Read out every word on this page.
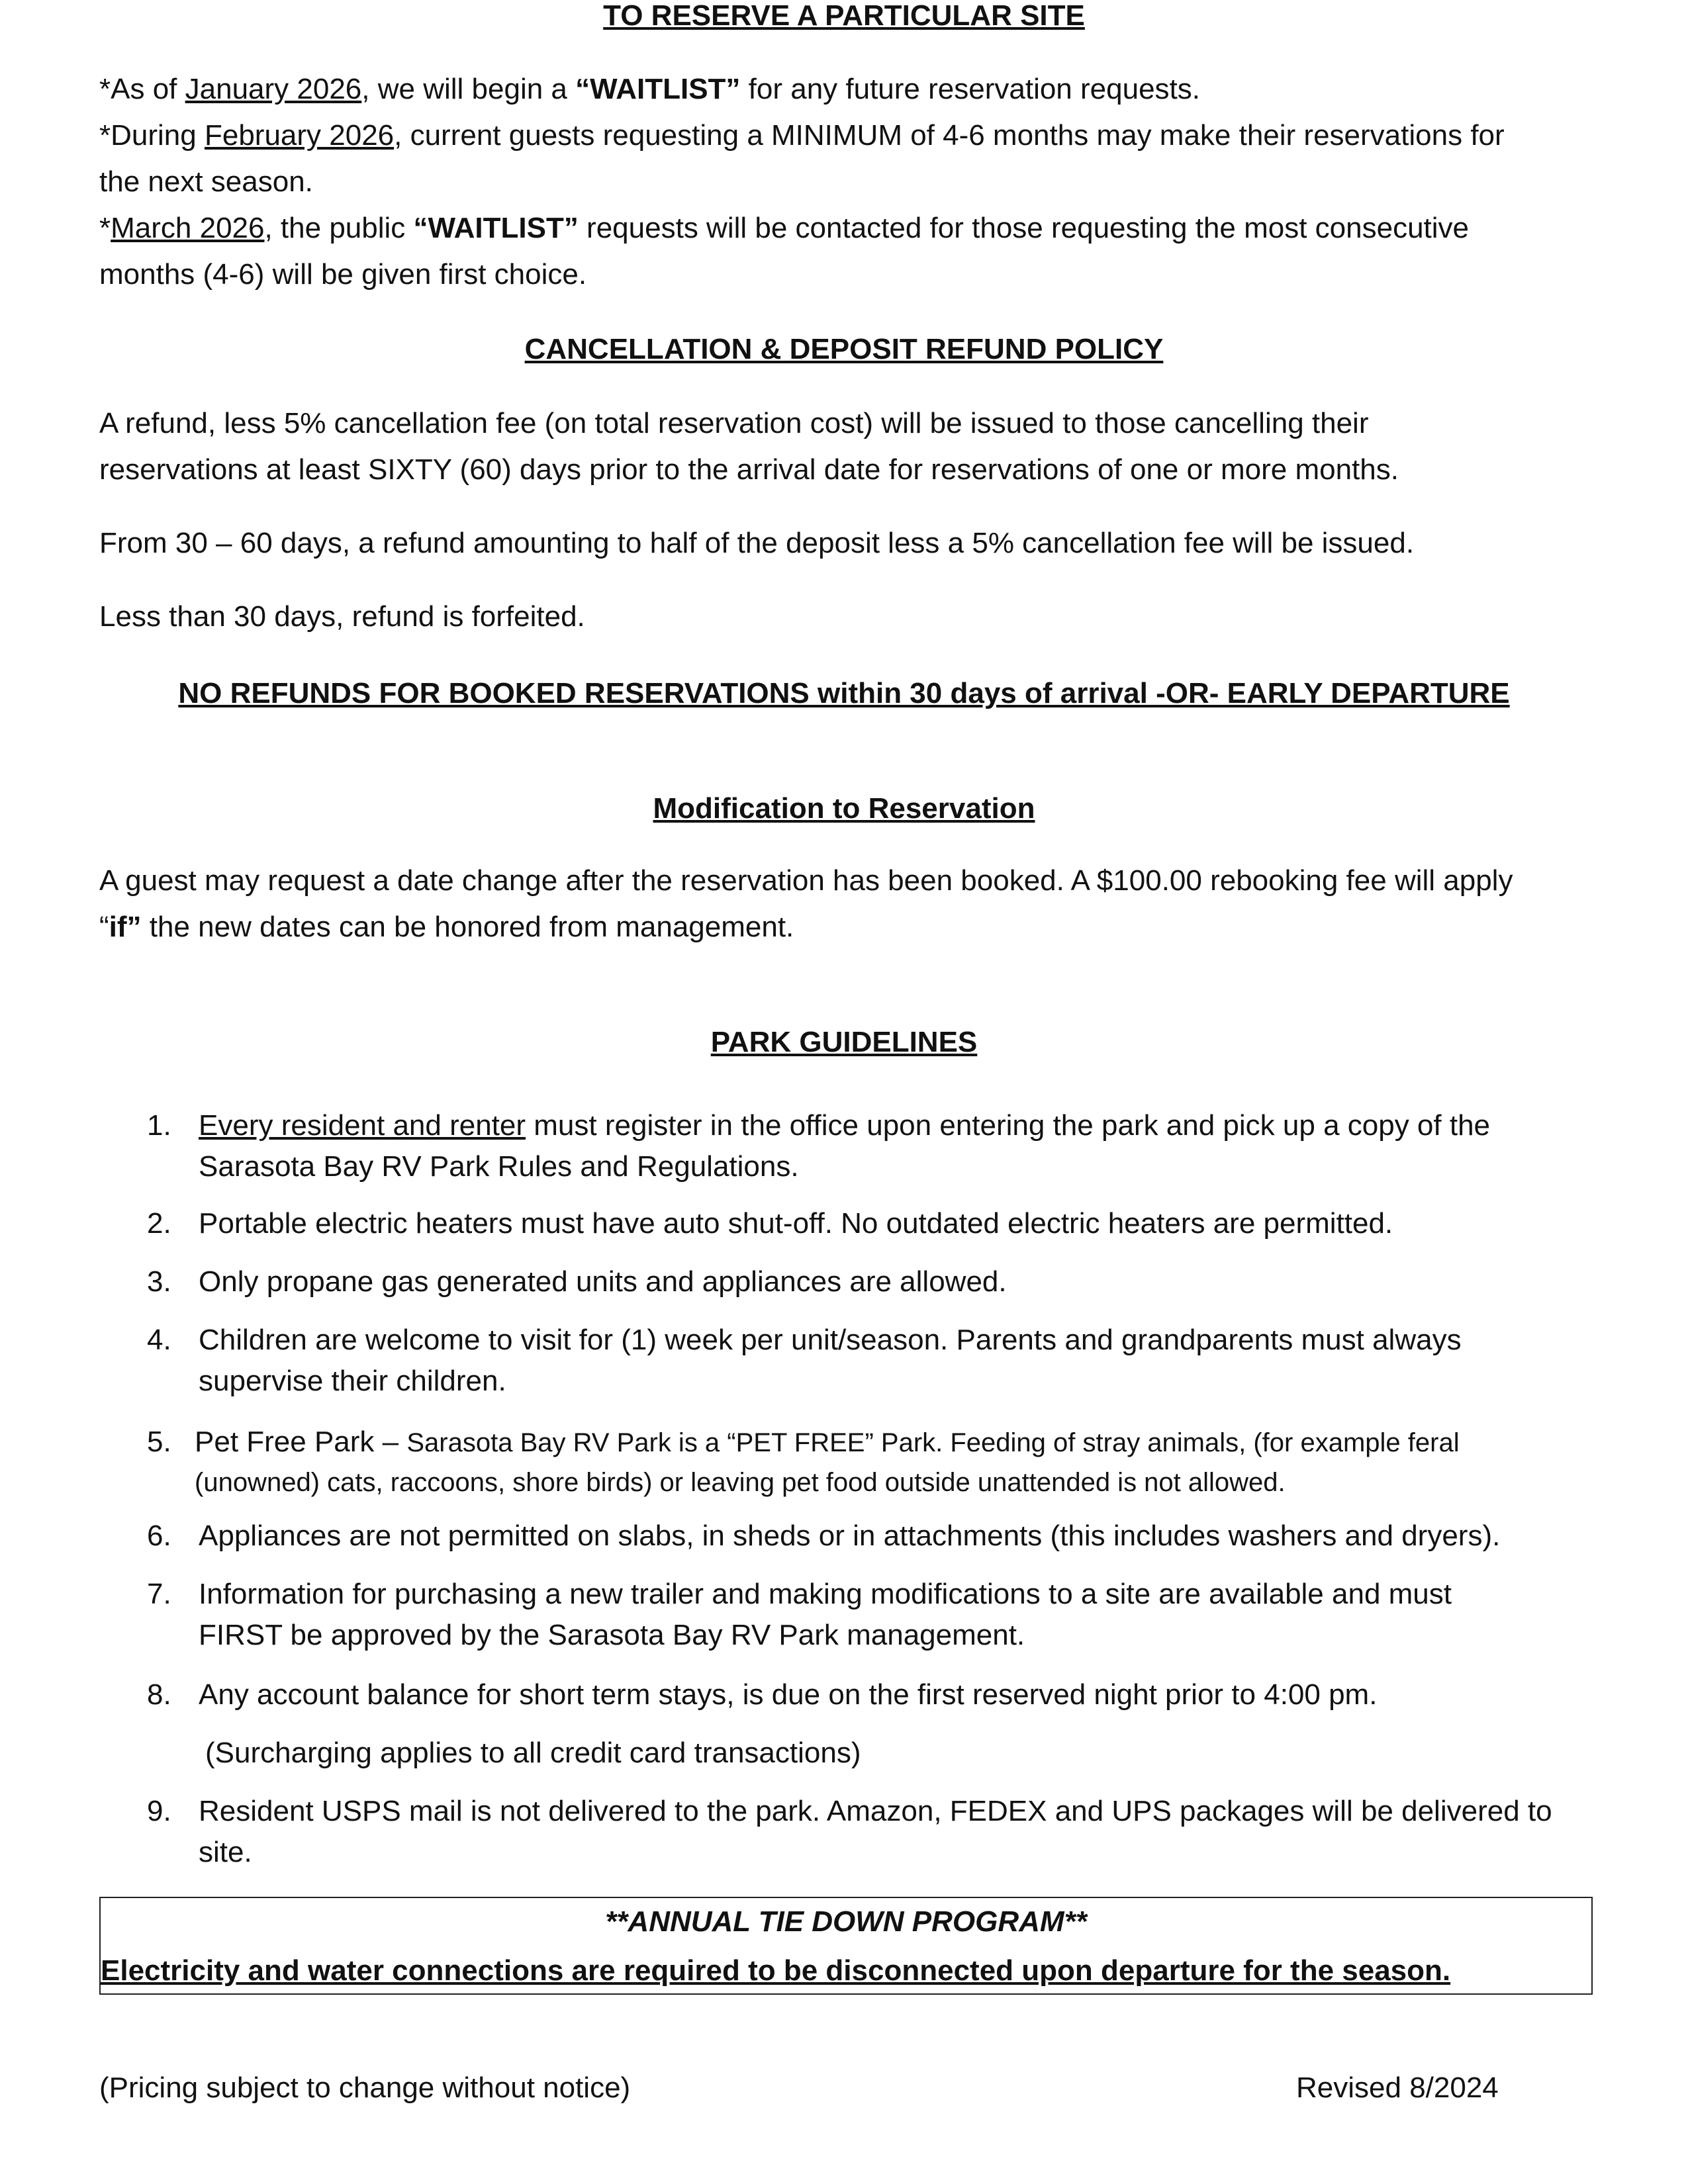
TO RESERVE A PARTICULAR SITE
*As of January 2026, we will begin a “WAITLIST” for any future reservation requests.
*During February 2026, current guests requesting a MINIMUM of 4-6 months may make their reservations for
the next season.
*March 2026, the public “WAITLIST” requests will be contacted for those requesting the most consecutive
months (4-6) will be given first choice.
CANCELLATION & DEPOSIT REFUND POLICY
A refund, less 5% cancellation fee (on total reservation cost) will be issued to those cancelling their
reservations at least SIXTY (60) days prior to the arrival date for reservations of one or more months.
From 30 – 60 days, a refund amounting to half of the deposit less a 5% cancellation fee will be issued.
Less than 30 days, refund is forfeited.
NO REFUNDS FOR BOOKED RESERVATIONS within 30 days of arrival -OR- EARLY DEPARTURE
Modification to Reservation
A guest may request a date change after the reservation has been booked. A $100.00 rebooking fee will apply
“if” the new dates can be honored from management.
PARK GUIDELINES
1. Every resident and renter must register in the office upon entering the park and pick up a copy of the
Sarasota Bay RV Park Rules and Regulations.
2. Portable electric heaters must have auto shut-off. No outdated electric heaters are permitted.
3. Only propane gas generated units and appliances are allowed.
4. Children are welcome to visit for (1) week per unit/season. Parents and grandparents must always
supervise their children.
5. Pet Free Park – Sarasota Bay RV Park is a “PET FREE” Park. Feeding of stray animals, (for example feral
(unowned) cats, raccoons, shore birds) or leaving pet food outside unattended is not allowed.
6. Appliances are not permitted on slabs, in sheds or in attachments (this includes washers and dryers).
7. Information for purchasing a new trailer and making modifications to a site are available and must
FIRST be approved by the Sarasota Bay RV Park management.
8. Any account balance for short term stays, is due on the first reserved night prior to 4:00 pm.
(Surcharging applies to all credit card transactions)
9. Resident USPS mail is not delivered to the park. Amazon, FEDEX and UPS packages will be delivered to
site.
**ANNUAL TIE DOWN PROGRAM**
Electricity and water connections are required to be disconnected upon departure for the season.
(Pricing subject to change without notice)	Revised 8/2024
